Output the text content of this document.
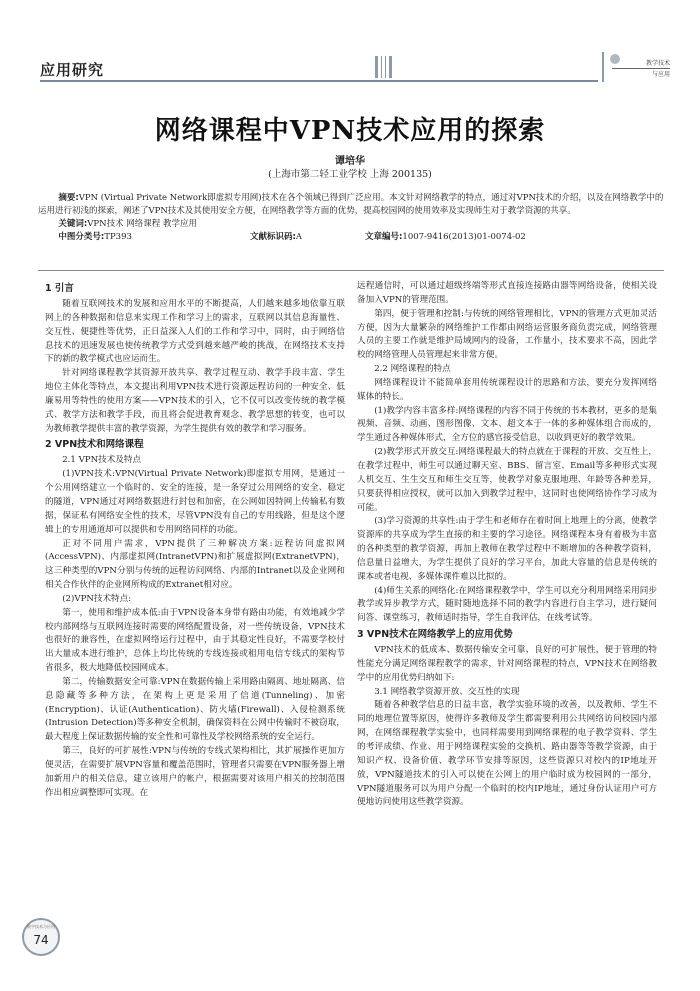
应用研究	教学技术
与应用
网络课程中VPN技术应用的探索
谭培华
(上海市第二轻工业学校 上海 200135)

摘要:VPN (Virtual Private Network即虚拟专用网)技术在各个领域已得到广泛应用。本文针对网络教学的特点，通过对VPN技术的介绍，以及在网络教学中的运用进行初浅的探索，阐述了VPN技术及其使用安全方便，在网络教学等方面的优势，提高校园网的使用效率及实现师生对于教学资源的共享。

关键词:VPN技术 网络课程 教学应用

中图分类号:TP393	文献标识码:A	文章编号:1007-9416(2013)01-0074-02
1 引言

随着互联网技术的发展和应用水平的不断提高，人们越来越多地依靠互联网上的各种数据和信息来实现工作和学习上的需求，互联网以其信息海量性、交互性、便捷性等优势，正日益深入人们的工作和学习中，同时，由于网络信息技术的迅速发展也使传统教学方式受到越来越严峻的挑战，在网络技术支持下的新的教学模式也应运而生。

针对网络课程教学其资源开放共享、教学过程互动、教学手段丰富、学生地位主体化等特点，本文提出利用VPN技术进行资源远程访问的一种安全、低廉易用等特性的使用方案——VPN技术的引入，它不仅可以改变传统的教学模式、教学方法和教学手段，而且将会促进教育观念、教学思想的转变，也可以为教师教学提供丰富的教学资源，为学生提供有效的教学和学习服务。

2 VPN技术和网络课程
2.1 VPN技术及特点

(1)VPN技术:VPN(Virtual Private Network)即虚拟专用网，是通过一个公用网络建立一个临时的、安全的连接，是一条穿过公用网络的安全、稳定的隧道，VPN通过对网络数据进行封包和加密，在公网如因特网上传输私有数据，保证私有网络安全性的技术，尽管VPN没有自己的专用线路，但是这个逻辑上的专用通道却可以提供和专用网络同样的功能。

正对不同用户需求，VPN提供了三种解决方案:远程访问虚拟网(AccessVPN)、内部虚拟网(IntranetVPN)和扩展虚拟网(ExtranetVPN)，这三种类型的VPN分别与传统的远程访问网络、内部的Intranet以及企业网和相关合作伙伴的企业网所构成的Extranet相对应。

(2)VPN技术特点:

第一，使用和维护成本低:由于VPN设备本身带有路由功能，有效地减少学校内部网络与互联网连接时需要的网络配置设备，对一些传统设备，VPN技术也很好的兼容性，在虚拟网络运行过程中，由于其稳定性良好，不需要学校付出大量成本进行维护，总体上均比传统的专线连接或租用电信专线式的架构节省很多，极大地降低校园网成本。

第二，传输数据安全可靠:VPN在数据传输上采用路由隔离、地址隔离、信息隐藏等多种方法，在架构上更是采用了信道(Tunneling)、加密(Encryption)、认证(Authentication)、防火墙(Firewall)、入侵检测系统(Intrusion Detection)等多种安全机制，确保资料在公网中传输时不被窃取，最大程度上保证数据传输的安全性和可靠性及学校网络系统的安全运行。

第三，良好的可扩展性:VPN与传统的专线式架构相比，其扩展操作更加方便灵活，在需要扩展VPN容量和覆盖范围时，管理者只需要在VPN服务器上增加新用户的相关信息，建立该用户的帐户，根据需要对该用户相关的控制范围作出相应调整即可实现。在

远程通信时，可以通过超级终端等形式直接连接路由器等网络设备，使相关设备加入VPN的管理范围。

第四，便于管理和控制:与传统的网络管理相比，VPN的管理方式更加灵活方便，因为大量繁杂的网络维护工作都由网络运营服务商负责完成，网络管理人员的主要工作就是维护局域网内的设备，工作量小，技术要求不高，因此学校的网络管理人员管理起来非常方便。

2.2 网络课程的特点

网络课程设计不能简单套用传统课程设计的思路和方法，要充分发挥网络媒体的特长。

(1)教学内容丰富多样:网络课程的内容不同于传统的书本教材，更多的是集视频、音频、动画、图形图像、文本、超文本于一体的多种媒体组合而成的，学生通过各种媒体形式，全方位的感官接受信息，以收到更好的教学效果。

(2)教学形式开放交互:网络课程最大的特点就在于课程的开放、交互性上，在教学过程中，师生可以通过聊天室、BBS、留言室、Email等多种形式实现人机交互、生生交互和师生交互等，使教学对象克服地理、年龄等各种差异，只要获得相应授权，就可以加入到教学过程中，这同时也使网络协作学习成为可能。

(3)学习资源的共享性:由于学生和老师存在着时间上地理上的分离，使教学资源库的共享成为学生直接的和主要的学习途径。网络课程本身有着极为丰富的各种类型的教学资源，再加上教师在教学过程中不断增加的各种教学资料，信息量日益增大，为学生提供了良好的学习平台，加此大容量的信息是传统的课本或者电视、多媒体课件难以比拟的。

(4)师生关系的网络化:在网络课程教学中，学生可以充分利用网络采用同步教学或异步教学方式，随时随地选择不同的教学内容进行自主学习，进行疑问问答、课堂练习，教师适时指导，学生自我评估，在线考试等。

3 VPN技术在网络教学上的应用优势

VPN技术的低成本、数据传输安全可靠、良好的可扩展性，便于管理的特性能充分满足网络课程教学的需求，针对网络课程的特点，VPN技术在网络教学中的应用优势归纳如下:

3.1 网络教学资源开放、交互性的实现

随着各种教学信息的日益丰富，教学实验环境的改善，以及教师、学生不同的地理位置等原因，使得许多教师及学生都需要利用公共网络访问校园内部网，在网络课程教学实验中，也同样需要用到网络课程的电子教学资料、学生的考评成绩、作业、用于网络课程实验的交换机、路由器等等教学资源，由于知识产权、设备价值、教学环节安排等原因，这些资源只对校内的IP地址开放，VPN隧道技术的引入可以使在公网上的用户临时成为校园网的一部分，VPN隧道服务可以为用户分配一个临时的校内IP地址，通过身份认证用户可方便地访问使用这些教学资源。

数字技术与应用
74
